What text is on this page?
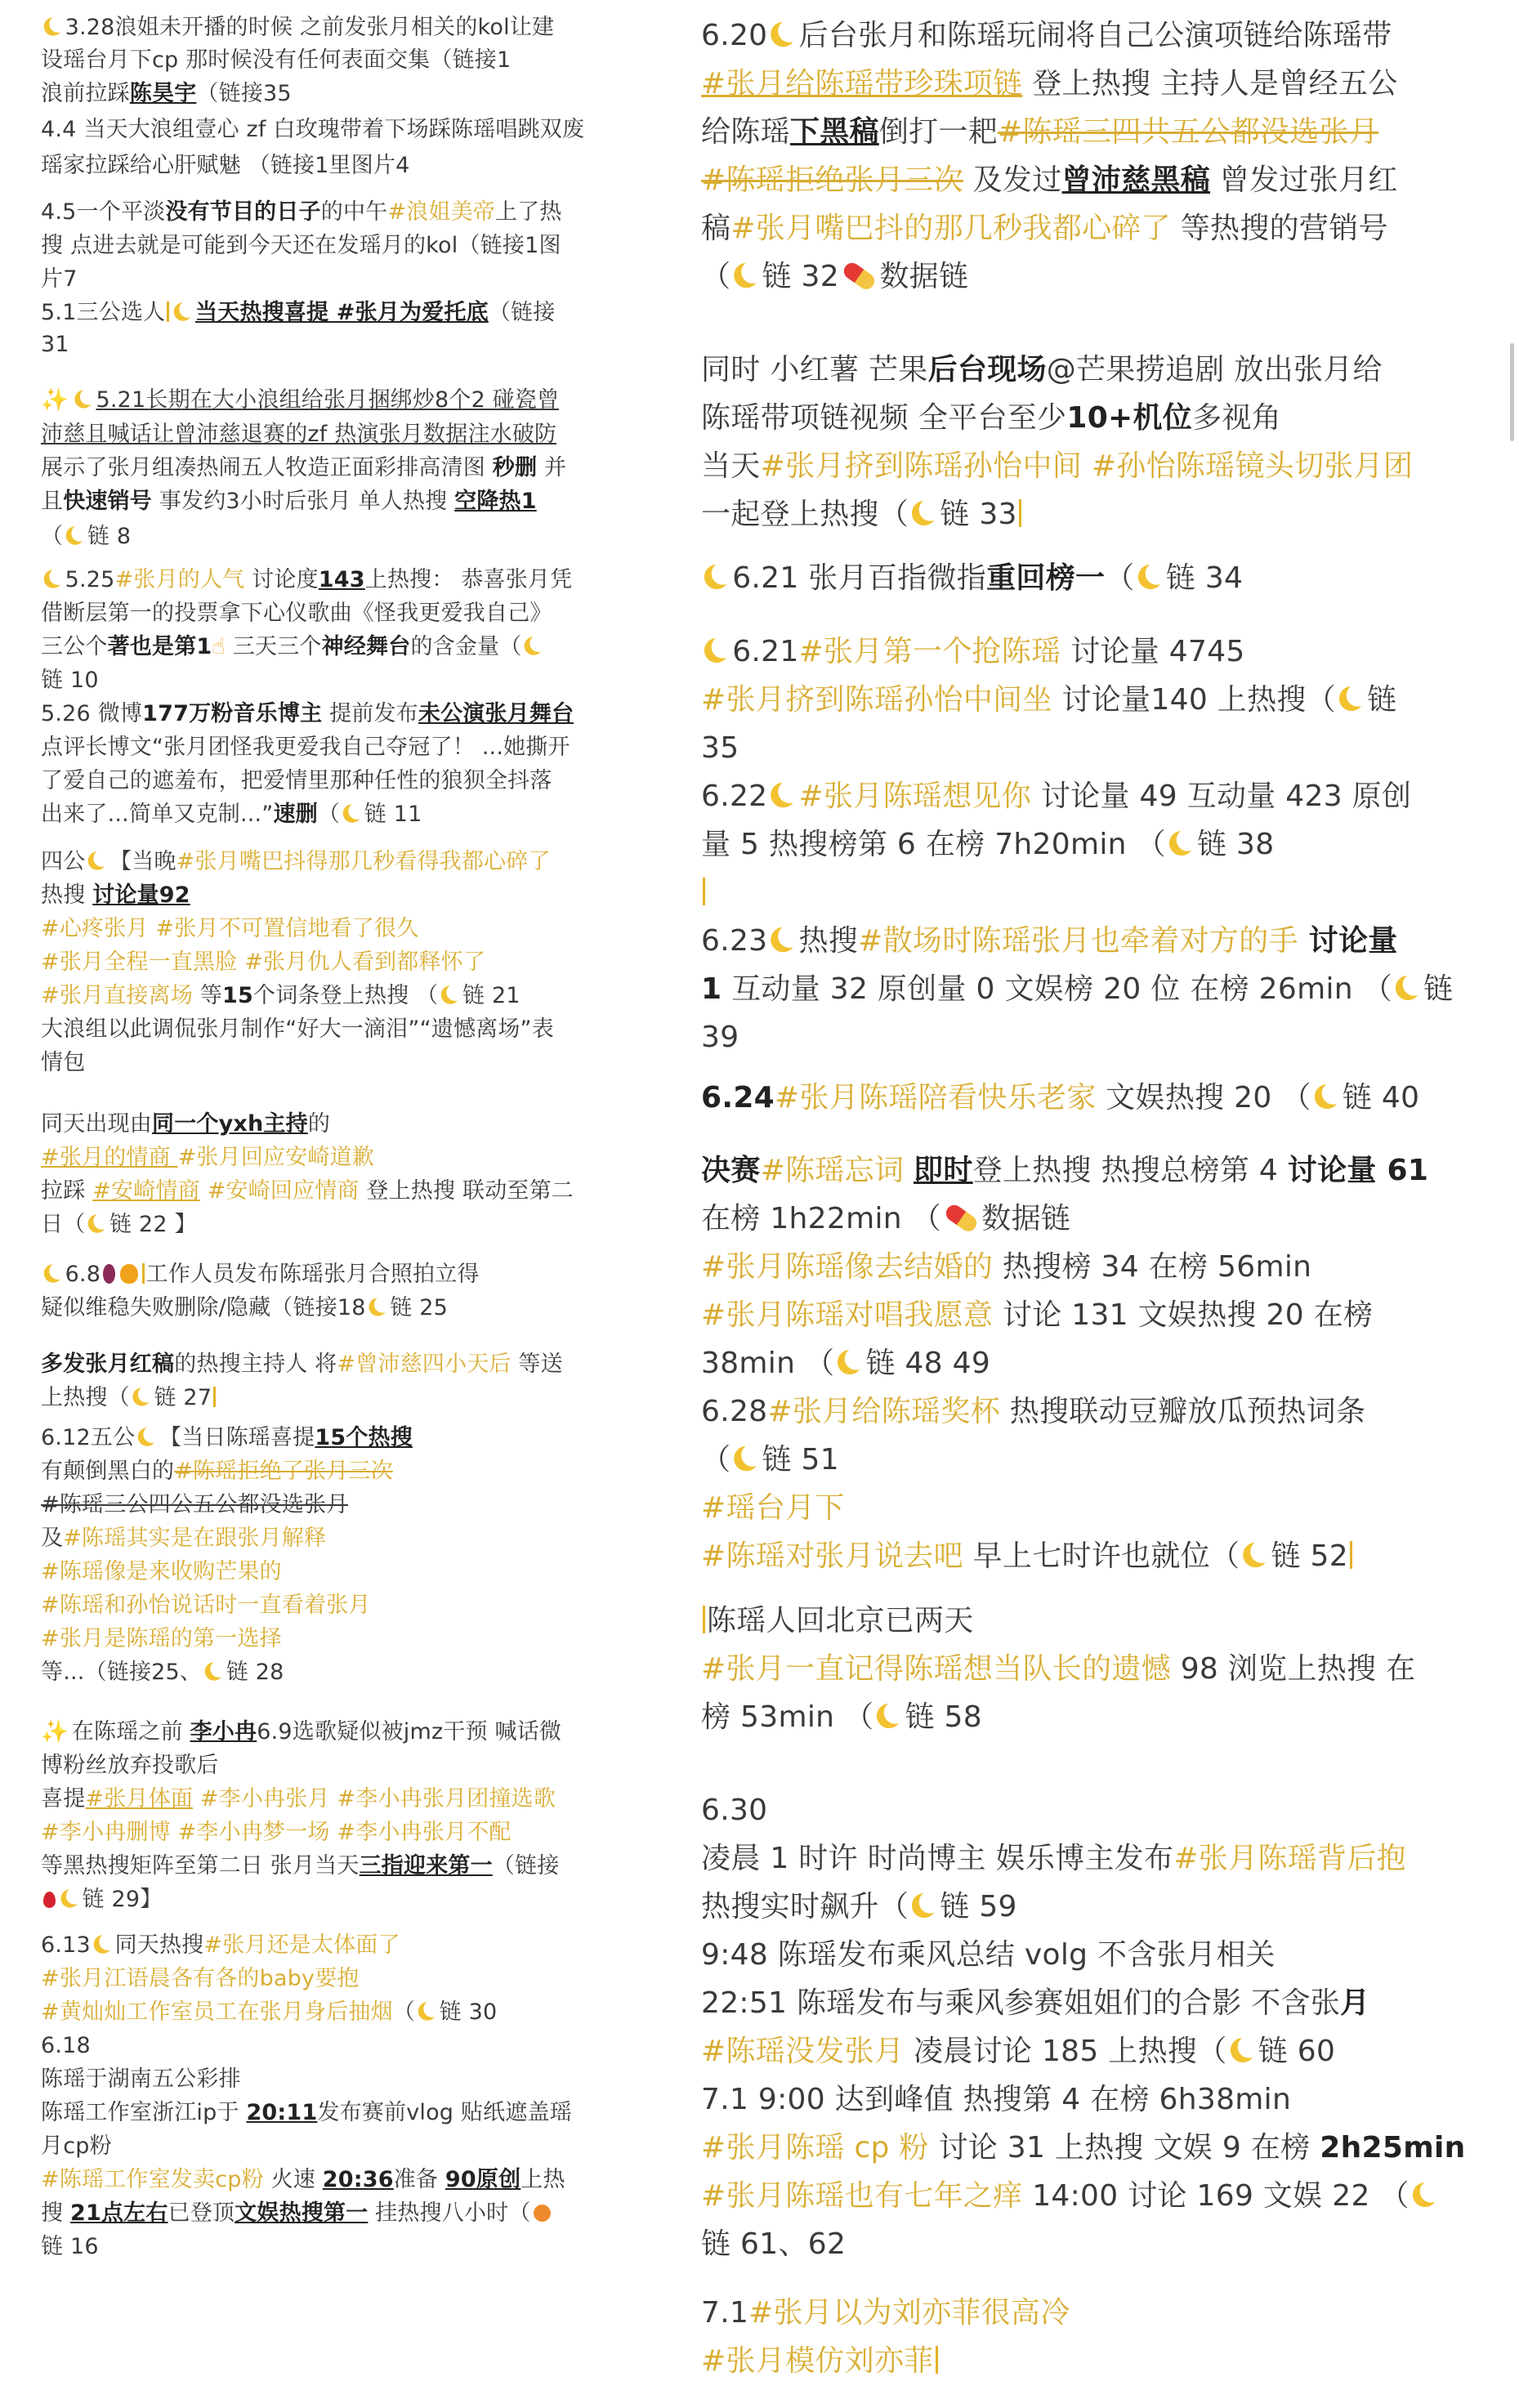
3.28浪姐未开播的时候 之前发张月相关的kol让建
设瑶台月下cp 那时候没有任何表面交集（链接1
浪前拉踩陈昊宇（链接35
4.4 当天大浪组壹心 zf 白玫瑰带着下场踩陈瑶唱跳双废
瑶家拉踩给心肝赋魅 （链接1里图片4
4.5一个平淡没有节目的日子的中午#浪姐美帝上了热
搜 点进去就是可能到今天还在发瑶月的kol（链接1图
片7
5.1三公选人 当天热搜喜提 #张月为爱托底（链接
31
✨ 5.21长期在大小浪组给张月捆绑炒8个2 碰瓷曾
沛慈且喊话让曾沛慈退赛的zf 热演张月数据注水破防
展示了张月组凑热闹五人牧造正面彩排高清图 秒删 并
且快速销号 事发约3小时后张月 单人热搜 空降热1
（ 链 8
5.25#张月的人气 讨论度143上热搜： 恭喜张月凭
借断层第一的投票拿下心仪歌曲《怪我更爱我自己》
三公个著也是第1☝ 三天三个神经舞台的含金量（
链 10
5.26 微博177万粉音乐博主 提前发布未公演张月舞台
点评长博文“张月团怪我更爱我自己夺冠了！ ...她撕开
了爱自己的遮羞布，把爱情里那种任性的狼狈全抖落
出来了...简单又克制...”速删（ 链 11
四公 【当晚#张月嘴巴抖得那几秒看得我都心碎了
热搜 讨论量92
#心疼张月 #张月不可置信地看了很久
#张月全程一直黑脸 #张月仇人看到都释怀了
#张月直接离场 等15个词条登上热搜 （ 链 21
大浪组以此调侃张月制作“好大一滴泪”“遗憾离场”表
情包
同天出现由同一个yxh主持的
#张月的情商 #张月回应安崎道歉
拉踩 #安崎情商 #安崎回应情商 登上热搜 联动至第二
日（ 链 22 】
6.8 工作人员发布陈瑶张月合照拍立得
疑似维稳失败删除/隐藏（链接18 链 25
多发张月红稿的热搜主持人 将#曾沛慈四小天后 等送
上热搜（ 链 27
6.12五公 【当日陈瑶喜提15个热搜
有颠倒黑白的#陈瑶拒绝了张月三次
#陈瑶三公四公五公都没选张月
及#陈瑶其实是在跟张月解释
#陈瑶像是来收购芒果的
#陈瑶和孙怡说话时一直看着张月
#张月是陈瑶的第一选择
等...（链接25、 链 28
✨ 在陈瑶之前 李小冉6.9选歌疑似被jmz干预 喊话微
博粉丝放弃投歌后
喜提#张月体面 #李小冉张月 #李小冉张月团撞选歌
#李小冉删博 #李小冉梦一场 #李小冉张月不配
等黑热搜矩阵至第二日 张月当天三指迎来第一（链接
链 29】
6.13 同天热搜#张月还是太体面了
#张月江语晨各有各的baby要抱
#黄灿灿工作室员工在张月身后抽烟（ 链 30
6.18
陈瑶于湖南五公彩排
陈瑶工作室浙江ip于 20:11发布赛前vlog 贴纸遮盖瑶
月cp粉
#陈瑶工作室发卖cp粉 火速 20:36准备 90原创上热
搜 21点左右已登顶文娱热搜第一 挂热搜八小时（
链 16
6.20 后台张月和陈瑶玩闹将自己公演项链给陈瑶带
#张月给陈瑶带珍珠项链 登上热搜 主持人是曾经五公
给陈瑶下黑稿倒打一耙#陈瑶三四共五公都没选张月
#陈瑶拒绝张月三次 及发过曾沛慈黑稿 曾发过张月红
稿#张月嘴巴抖的那几秒我都心碎了 等热搜的营销号
（ 链 32 数据链
同时 小红薯 芒果后台现场@芒果捞追剧 放出张月给
陈瑶带项链视频 全平台至少10+机位多视角
当天#张月挤到陈瑶孙怡中间 #孙怡陈瑶镜头切张月团
一起登上热搜（ 链 33
6.21 张月百指微指重回榜一（ 链 34
6.21#张月第一个抢陈瑶 讨论量 4745
#张月挤到陈瑶孙怡中间坐 讨论量140 上热搜（ 链
35
6.22 #张月陈瑶想见你 讨论量 49 互动量 423 原创
量 5 热搜榜第 6 在榜 7h20min （ 链 38
6.23 热搜#散场时陈瑶张月也牵着对方的手 讨论量
1 互动量 32 原创量 0 文娱榜 20 位 在榜 26min （ 链
39
6.24#张月陈瑶陪看快乐老家 文娱热搜 20 （ 链 40
决赛#陈瑶忘词 即时登上热搜 热搜总榜第 4 讨论量 61
在榜 1h22min （ 数据链
#张月陈瑶像去结婚的 热搜榜 34 在榜 56min
#张月陈瑶对唱我愿意 讨论 131 文娱热搜 20 在榜
38min （ 链 48 49
6.28#张月给陈瑶奖杯 热搜联动豆瓣放瓜预热词条
（ 链 51
#瑶台月下
#陈瑶对张月说去吧 早上七时许也就位（ 链 52
陈瑶人回北京已两天
#张月一直记得陈瑶想当队长的遗憾 98 浏览上热搜 在
榜 53min （ 链 58
6.30
凌晨 1 时许 时尚博主 娱乐博主发布#张月陈瑶背后抱
热搜实时飙升（ 链 59
9:48 陈瑶发布乘风总结 volg 不含张月相关
22:51 陈瑶发布与乘风参赛姐姐们的合影 不含张月
#陈瑶没发张月 凌晨讨论 185 上热搜（ 链 60
7.1 9:00 达到峰值 热搜第 4 在榜 6h38min
#张月陈瑶 cp 粉 讨论 31 上热搜 文娱 9 在榜 2h25min
#张月陈瑶也有七年之痒 14:00 讨论 169 文娱 22 （
链 61、62
7.1#张月以为刘亦菲很高冷
#张月模仿刘亦菲
